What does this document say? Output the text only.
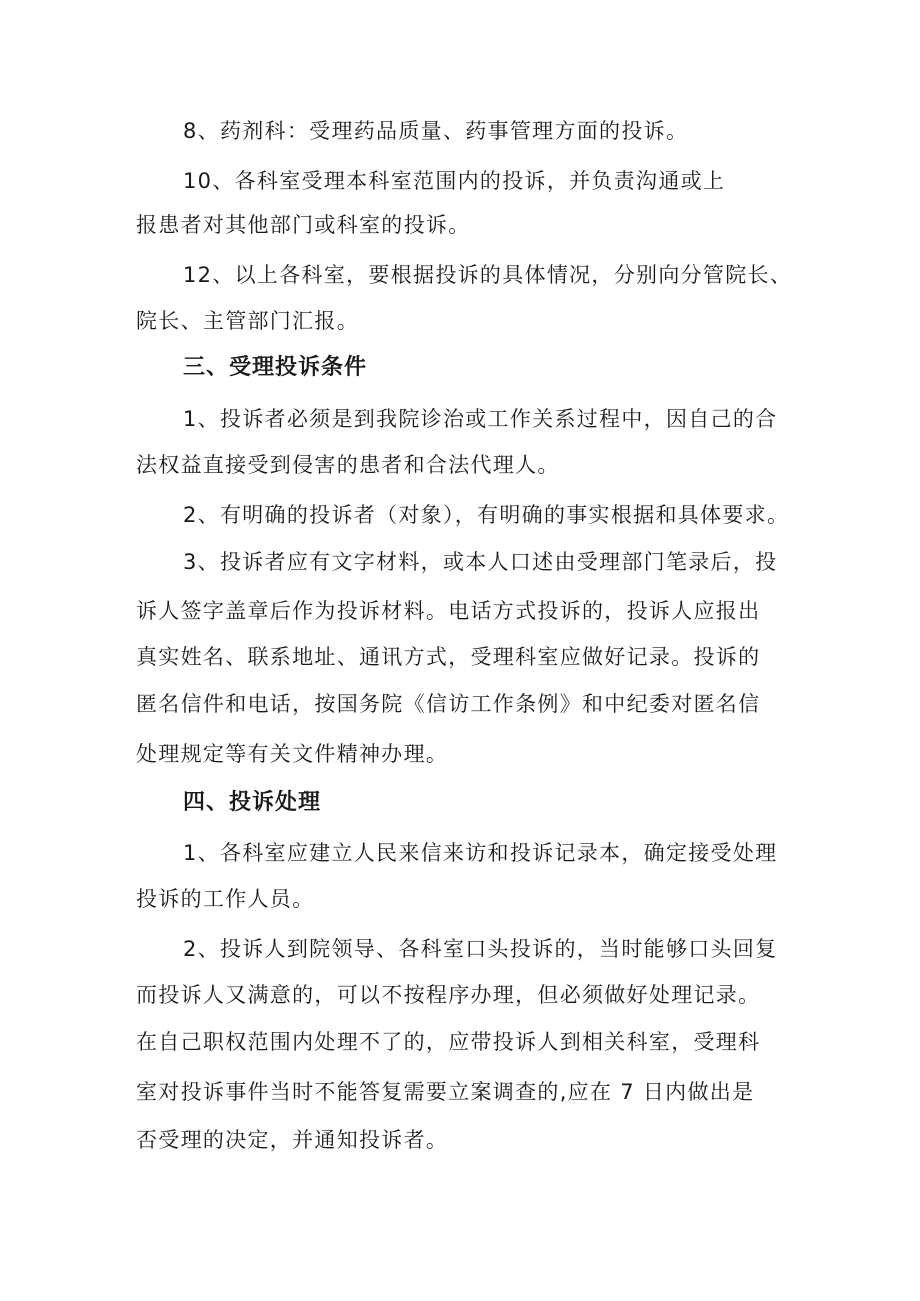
8、药剂科：受理药品质量、药事管理方面的投诉。

10、各科室受理本科室范围内的投诉，并负责沟通或上

报患者对其他部门或科室的投诉。

12、以上各科室，要根据投诉的具体情况，分别向分管院长、

院长、主管部门汇报。

三、受理投诉条件

1、投诉者必须是到我院诊治或工作关系过程中，因自己的合

法权益直接受到侵害的患者和合法代理人。

2、有明确的投诉者（对象），有明确的事实根据和具体要求。

3、投诉者应有文字材料，或本人口述由受理部门笔录后，投

诉人签字盖章后作为投诉材料。电话方式投诉的，投诉人应报出

真实姓名、联系地址、通讯方式，受理科室应做好记录。投诉的

匿名信件和电话，按国务院《信访工作条例》和中纪委对匿名信

处理规定等有关文件精神办理。

四、投诉处理

1、各科室应建立人民来信来访和投诉记录本，确定接受处理

投诉的工作人员。

2、投诉人到院领导、各科室口头投诉的，当时能够口头回复

而投诉人又满意的，可以不按程序办理，但必须做好处理记录。

在自己职权范围内处理不了的，应带投诉人到相关科室，受理科

室对投诉事件当时不能答复需要立案调查的,应在 7 日内做出是

否受理的决定，并通知投诉者。
